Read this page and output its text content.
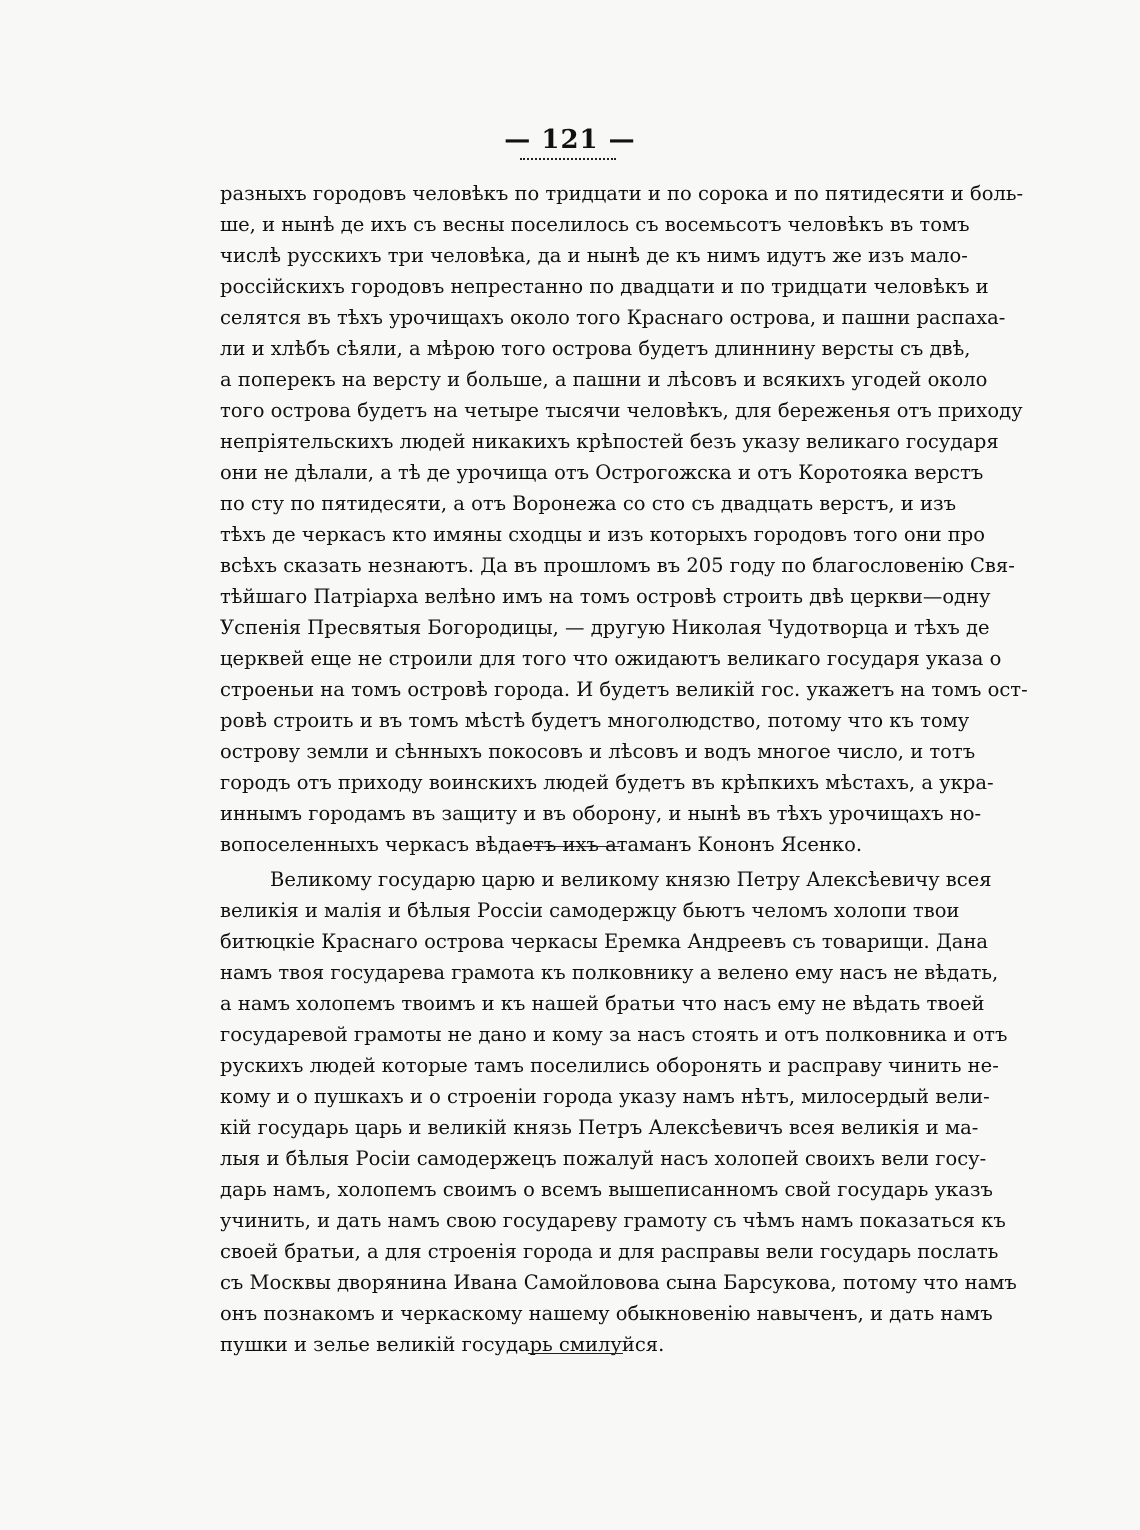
— 121 —
разныхъ городовъ человѣкъ по тридцати и по сорока и по пятидесяти и боль-
ше, и нынѣ де ихъ съ весны поселилось съ восемьсотъ человѣкъ въ томъ
числѣ русскихъ три человѣка, да и нынѣ де къ нимъ идутъ же изъ мало-
россійскихъ городовъ непрестанно по двадцати и по тридцати человѣкъ и
селятся въ тѣхъ урочищахъ около того Краснаго острова, и пашни распаха-
ли и хлѣбъ сѣяли, а мѣрою того острова будетъ длиннину версты съ двѣ,
а поперекъ на версту и больше, а пашни и лѣсовъ и всякихъ угодей около
того острова будетъ на четыре тысячи человѣкъ, для береженья отъ приходу
непріятельскихъ людей никакихъ крѣпостей безъ указу великаго государя
они не дѣлали, а тѣ де урочища отъ Острогожска и отъ Коротояка верстъ
по сту по пятидесяти, а отъ Воронежа со сто съ двадцать верстъ, и изъ
тѣхъ де черкасъ кто имяны сходцы и изъ которыхъ городовъ того они про
всѣхъ сказать незнаютъ. Да въ прошломъ въ 205 году по благословенію Свя-
тѣйшаго Патріарха велѣно имъ на томъ островѣ строить двѣ церкви—одну
Успенія Пресвятыя Богородицы, — другую Николая Чудотворца и тѣхъ де
церквей еще не строили для того что ожидаютъ великаго государя указа о
строеньи на томъ островѣ города. И будетъ великій гос. укажетъ на томъ ост-
ровѣ строить и въ томъ мѣстѣ будетъ многолюдство, потому что къ тому
острову земли и сѣнныхъ покосовъ и лѣсовъ и водъ многое число, и тотъ
городъ отъ приходу воинскихъ людей будетъ въ крѣпкихъ мѣстахъ, а укра-
иннымъ городамъ въ защиту и въ оборону, и нынѣ въ тѣхъ урочищахъ но-
вопоселенныхъ черкасъ вѣдаетъ ихъ атаманъ Кононъ Ясенко.
Великому государю царю и великому князю Петру Алексѣевичу всея
великія и малія и бѣлыя Россіи самодержцу бьютъ челомъ холопи твои
битюцкіе Краснаго острова черкасы Еремка Андреевъ съ товарищи. Дана
намъ твоя государева грамота къ полковнику а велено ему насъ не вѣдать,
а намъ холопемъ твоимъ и къ нашей братьи что насъ ему не вѣдать твоей
государевой грамоты не дано и кому за насъ стоять и отъ полковника и отъ
рускихъ людей которые тамъ поселились оборонять и расправу чинить не-
кому и о пушкахъ и о строеніи города указу намъ нѣтъ, милосердый вели-
кій государь царь и великій князь Петръ Алексѣевичъ всея великія и ма-
лыя и бѣлыя Росіи самодержецъ пожалуй насъ холопей своихъ вели госу-
дарь намъ, холопемъ своимъ о всемъ вышеписанномъ свой государь указъ
учинить, и дать намъ свою государеву грамоту съ чѣмъ намъ показаться къ
своей братьи, а для строенія города и для расправы вели государь послать
съ Москвы дворянина Ивана Самойловова сына Барсукова, потому что намъ
онъ познакомъ и черкаскому нашему обыкновенію навыченъ, и дать намъ
пушки и зелье великій государь смилуйся.
